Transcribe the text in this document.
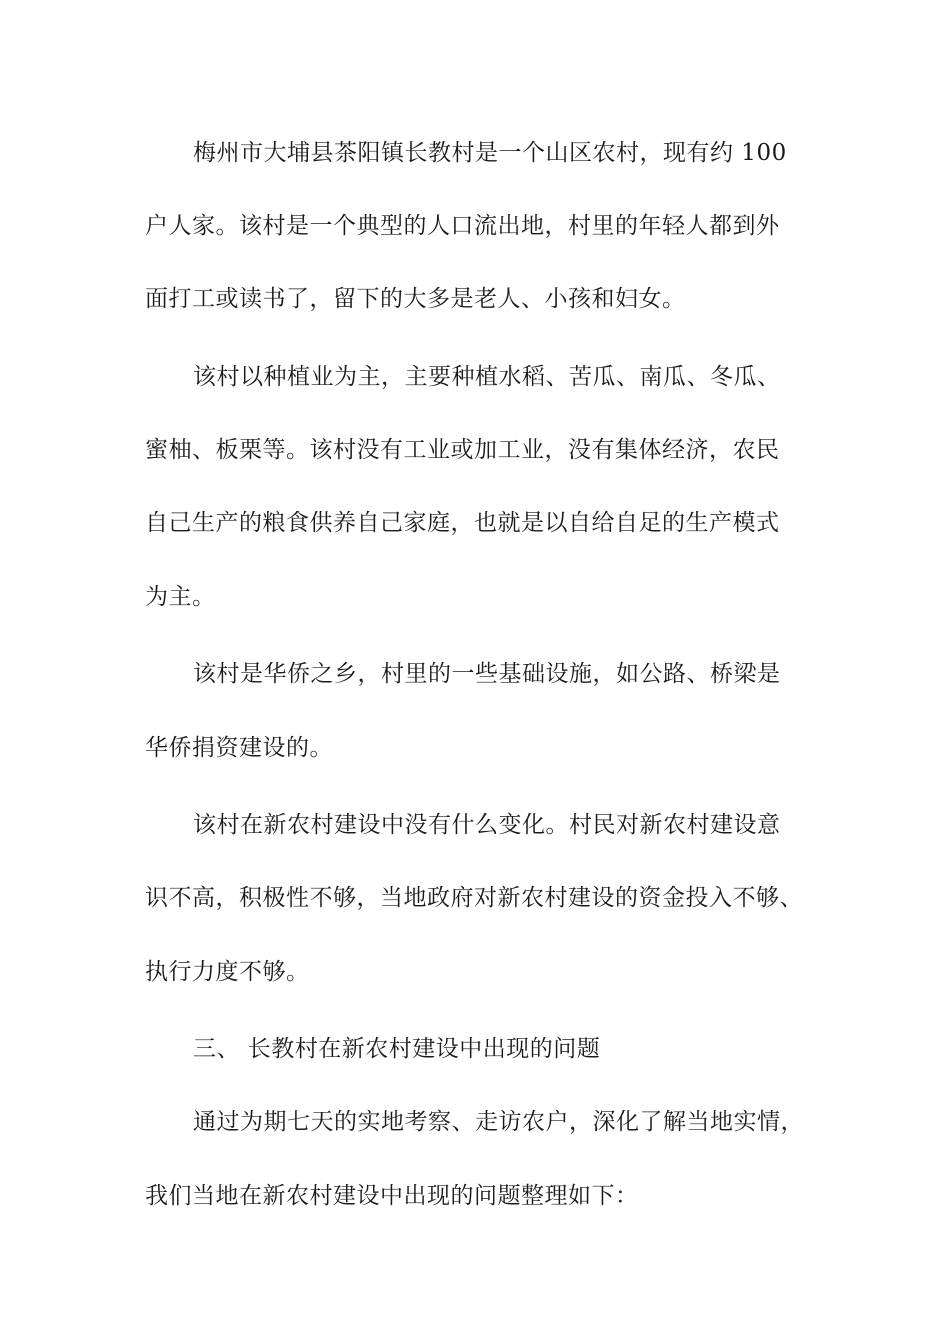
梅州市大埔县茶阳镇长教村是一个山区农村，现有约 100
户人家。该村是一个典型的人口流出地，村里的年轻人都到外
面打工或读书了，留下的大多是老人、小孩和妇女。
该村以种植业为主，主要种植水稻、苦瓜、南瓜、冬瓜、
蜜柚、板栗等。该村没有工业或加工业，没有集体经济，农民
自己生产的粮食供养自己家庭，也就是以自给自足的生产模式
为主。
该村是华侨之乡，村里的一些基础设施，如公路、桥梁是
华侨捐资建设的。
该村在新农村建设中没有什么变化。村民对新农村建设意
识不高，积极性不够，当地政府对新农村建设的资金投入不够、
执行力度不够。
三、 长教村在新农村建设中出现的问题
通过为期七天的实地考察、走访农户，深化了解当地实情，
我们当地在新农村建设中出现的问题整理如下：
